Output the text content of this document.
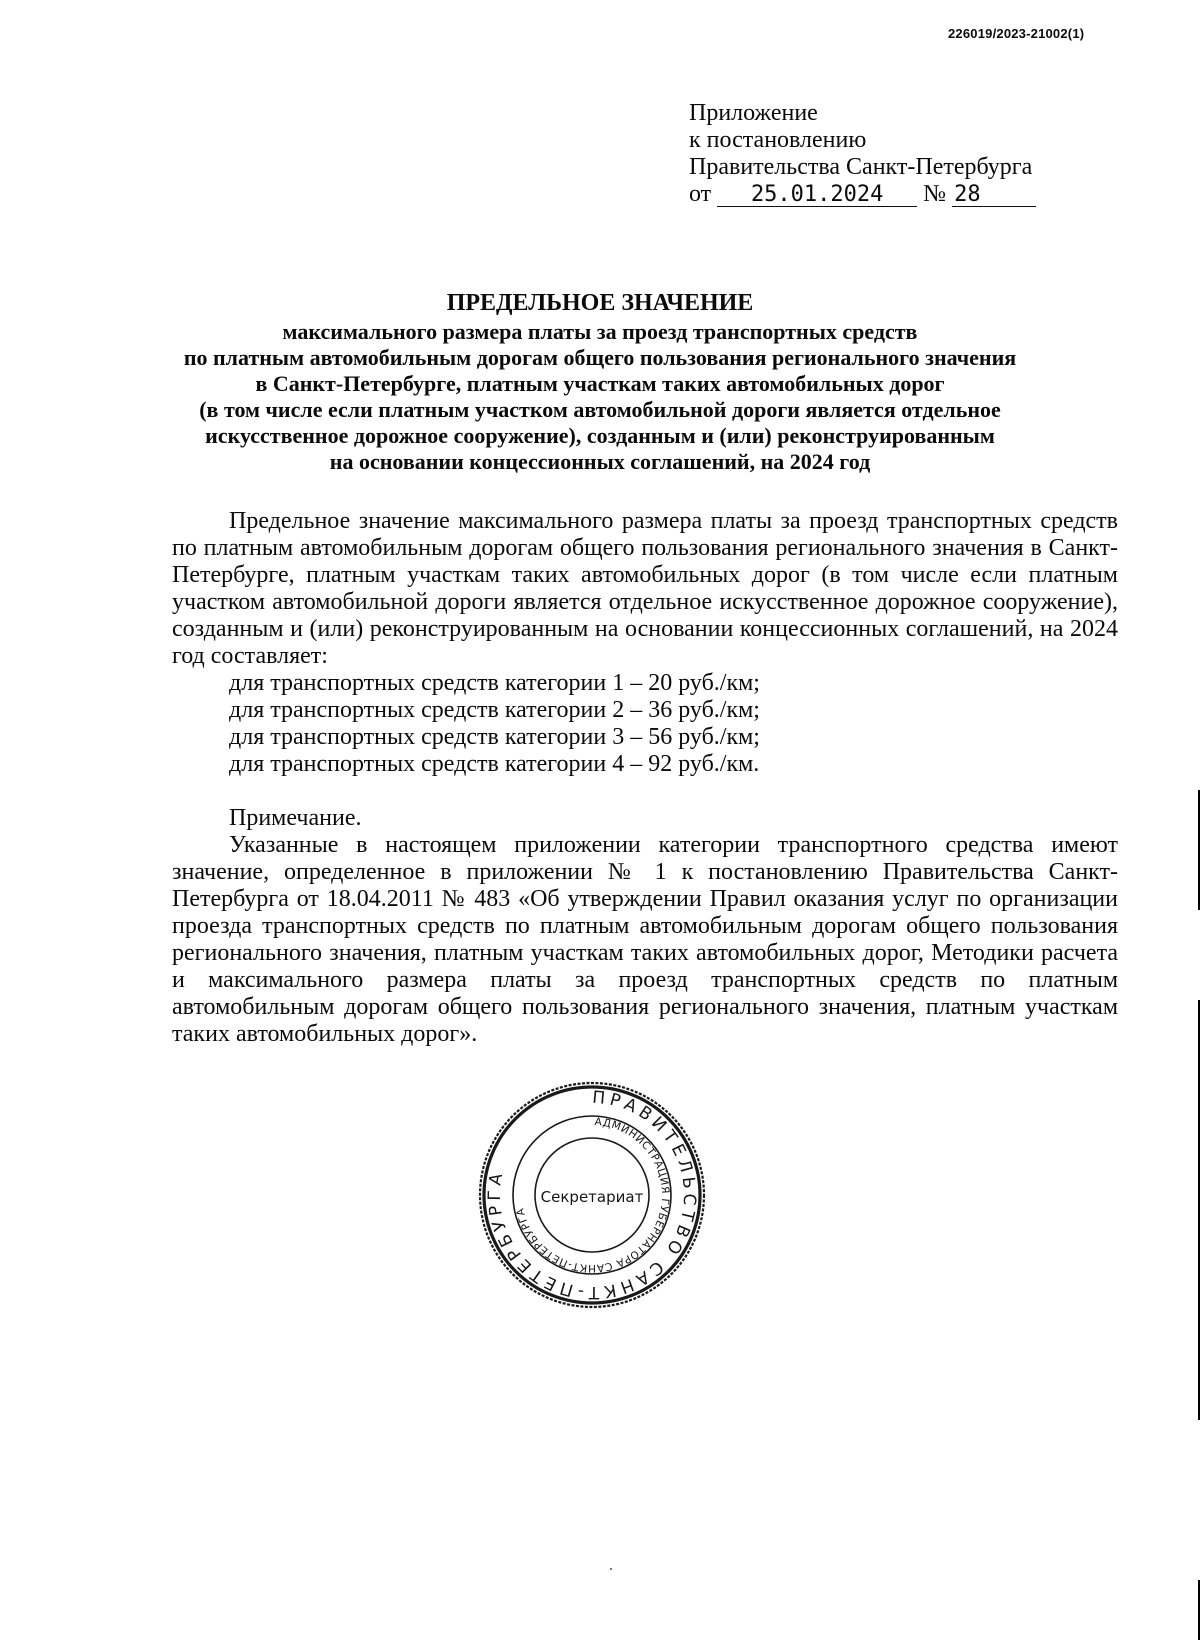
226019/2023-21002(1)
Приложение
к постановлению
Правительства Санкт-Петербурга
от 25.01.2024 № 28
ПРЕДЕЛЬНОЕ ЗНАЧЕНИЕ
максимального размера платы за проезд транспортных средств
по платным автомобильным дорогам общего пользования регионального значения
в Санкт-Петербурге, платным участкам таких автомобильных дорог
(в том числе если платным участком автомобильной дороги является отдельное
искусственное дорожное сооружение), созданным и (или) реконструированным
на основании концессионных соглашений, на 2024 год

Предельное значение максимального размера платы за проезд транспортных средств по платным автомобильным дорогам общего пользования регионального значения в Санкт-Петербурге, платным участкам таких автомобильных дорог (в том числе если платным участком автомобильной дороги является отдельное искусственное дорожное сооружение), созданным и (или) реконструированным на основании концессионных соглашений, на 2024 год составляет:

для транспортных средств категории 1 – 20 руб./км;
для транспортных средств категории 2 – 36 руб./км;
для транспортных средств категории 3 – 56 руб./км;
для транспортных средств категории 4 – 92 руб./км.

Примечание.

Указанные в настоящем приложении категории транспортного средства имеют значение, определенное в приложении № 1 к постановлению Правительства Санкт-Петербурга от 18.04.2011 № 483 «Об утверждении Правил оказания услуг по организации проезда транспортных средств по платным автомобильным дорогам общего пользования регионального значения, платным участкам таких автомобильных дорог, Методики расчета и максимального размера платы за проезд транспортных средств по платным автомобильным дорогам общего пользования регионального значения, платным участкам таких автомобильных дорог».

ПРАВИТЕЛЬСТВО САНКТ-ПЕТЕРБУРГА
АДМИНИСТРАЦИЯ ГУБЕРНАТОРА САНКТ-ПЕТЕРБУРГА
Секретариат
